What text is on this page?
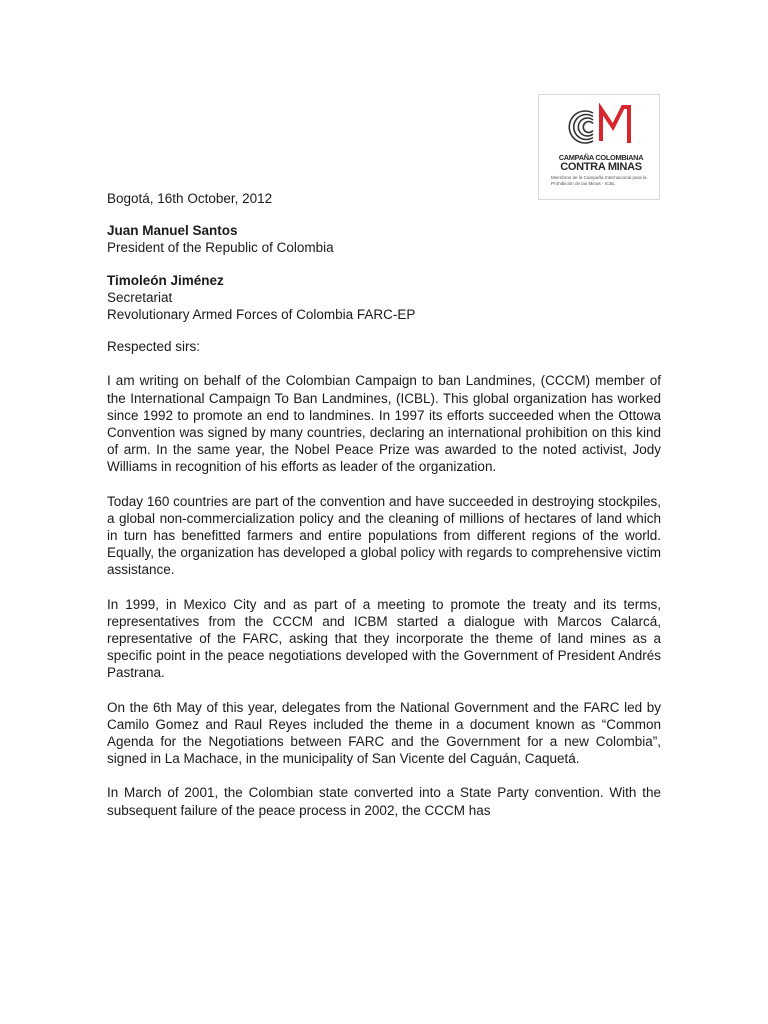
CAMPAÑA COLOMBIANA
CONTRA MINAS
Miembros de la Campaña Internacional para la Prohibición de las Minas - ICBL

Bogotá, 16th October, 2012

Juan Manuel Santos
President of the Republic of Colombia
Timoleón Jiménez
Secretariat
Revolutionary Armed Forces of Colombia FARC-EP

Respected sirs:

I am writing on behalf of the Colombian Campaign to ban Landmines, (CCCM) member of the International Campaign To Ban Landmines, (ICBL). This global organization has worked since 1992 to promote an end to landmines. In 1997 its efforts succeeded when the Ottowa Convention was signed by many countries, declaring an international prohibition on this kind of arm. In the same year, the Nobel Peace Prize was awarded to the noted activist, Jody Williams in recognition of his efforts as leader of the organization.

Today 160 countries are part of the convention and have succeeded in destroying stockpiles, a global non-commercialization policy and the cleaning of millions of hectares of land which in turn has benefitted farmers and entire populations from different regions of the world. Equally, the organization has developed a global policy with regards to comprehensive victim assistance.

In 1999, in Mexico City and as part of a meeting to promote the treaty and its terms, representatives from the CCCM and ICBM started a dialogue with Marcos Calarcá, representative of the FARC, asking that they incorporate the theme of land mines as a specific point in the peace negotiations developed with the Government of President Andrés Pastrana.

On the 6th May of this year, delegates from the National Government and the FARC led by Camilo Gomez and Raul Reyes included the theme in a document known as “Common Agenda for the Negotiations between FARC and the Government for a new Colombia”, signed in La Machace, in the municipality of San Vicente del Caguán, Caquetá.

In March of 2001, the Colombian state converted into a State Party convention. With the subsequent failure of the peace process in 2002, the CCCM has
